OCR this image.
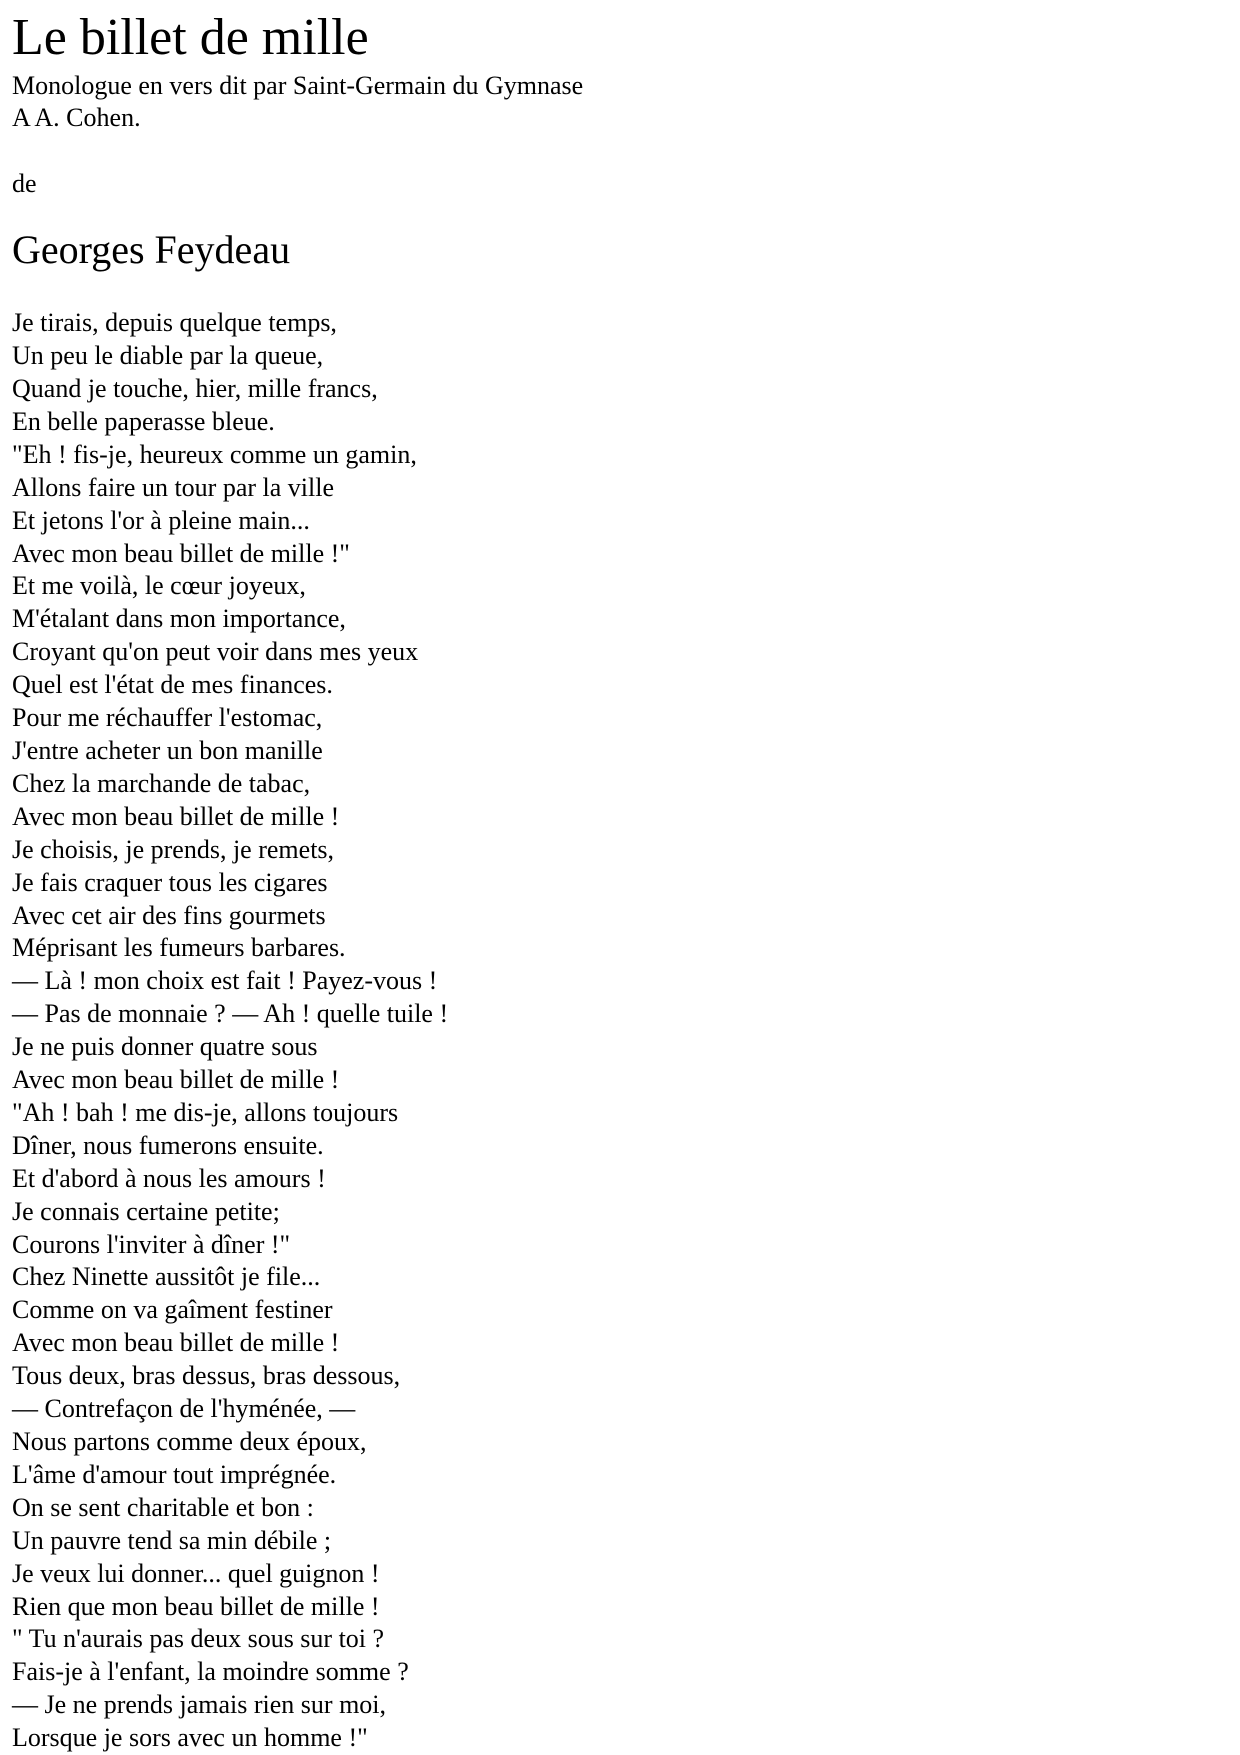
Le billet de mille
Monologue en vers dit par Saint-Germain du Gymnase
A A. Cohen.
de
Georges Feydeau
Je tirais, depuis quelque temps,
Un peu le diable par la queue,
Quand je touche, hier, mille francs,
En belle paperasse bleue.
"Eh ! fis-je, heureux comme un gamin,
Allons faire un tour par la ville
Et jetons l'or à pleine main...
Avec mon beau billet de mille !"
Et me voilà, le cœur joyeux,
M'étalant dans mon importance,
Croyant qu'on peut voir dans mes yeux
Quel est l'état de mes finances.
Pour me réchauffer l'estomac,
J'entre acheter un bon manille
Chez la marchande de tabac,
Avec mon beau billet de mille !
Je choisis, je prends, je remets,
Je fais craquer tous les cigares
Avec cet air des fins gourmets
Méprisant les fumeurs barbares.
— Là ! mon choix est fait ! Payez-vous !
— Pas de monnaie ? — Ah ! quelle tuile !
Je ne puis donner quatre sous
Avec mon beau billet de mille !
"Ah ! bah ! me dis-je, allons toujours
Dîner, nous fumerons ensuite.
Et d'abord à nous les amours !
Je connais certaine petite;
Courons l'inviter à dîner !"
Chez Ninette aussitôt je file...
Comme on va gaîment festiner
Avec mon beau billet de mille !
Tous deux, bras dessus, bras dessous,
— Contrefaçon de l'hyménée, —
Nous partons comme deux époux,
L'âme d'amour tout imprégnée.
On se sent charitable et bon :
Un pauvre tend sa min débile ;
Je veux lui donner... quel guignon !
Rien que mon beau billet de mille !
" Tu n'aurais pas deux sous sur toi ?
Fais-je à l'enfant, la moindre somme ?
— Je ne prends jamais rien sur moi,
Lorsque je sors avec un homme !"
